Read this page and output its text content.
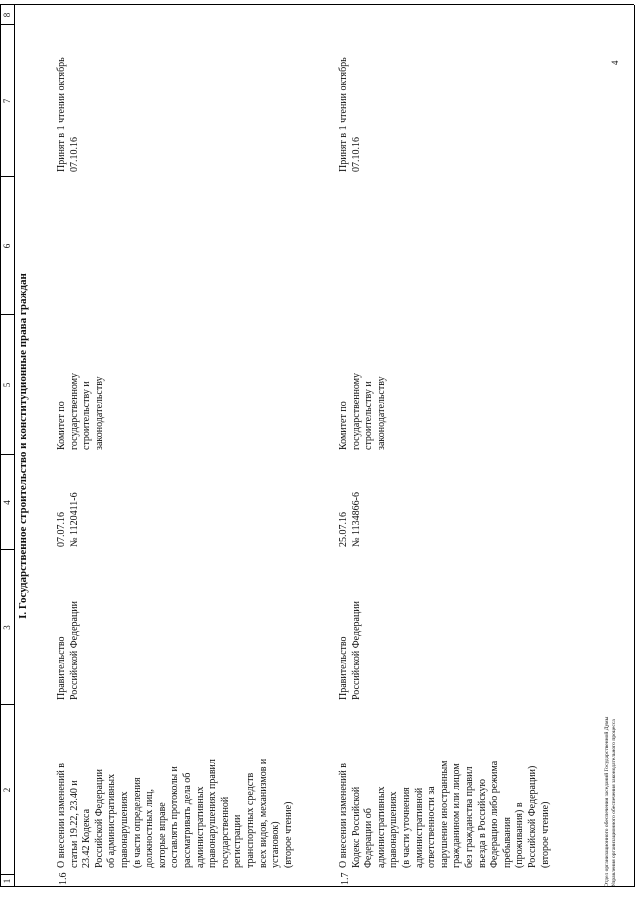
1
2
3
4
5
6
7
8
I. Государственное строительство и конституционные права граждан
1.6
О внесении изменений в
статьи 19.22, 23.40 и
23.42 Кодекса
Российской Федерации
об административных
правонарушениях
(в части определения
должностных лиц,
которые вправе
составлять протоколы и
рассматривать дела об
административных
правонарушениях правил
государственной
регистрации
транспортных средств
всех видов, механизмов и
установок)
(второе чтение)
Правительство
Российской Федерации
07.07.16
№ 1120411-6
Комитет по
государственному
строительству и
законодательству
Принят в 1 чтении октябрь
07.10.16
1.7
О внесении изменений в
Кодекс Российской
Федерации об
административных
правонарушениях
(в части уточнения
административной
ответственности за
нарушение иностранным
гражданином или лицом
без гражданства правил
въезда в Российскую
Федерацию либо режима
пребывания
(проживания) в
Российской Федерации)
(второе чтение)
Правительство
Российской Федерации
25.07.16
№ 1134866-6
Комитет по
государственному
строительству и
законодательству
Принят в 1 чтении октябрь
07.10.16
Отдел организационного обеспечения заседаний Государственной Думы
Управления организационного обеспечения законодательного процесса
4
